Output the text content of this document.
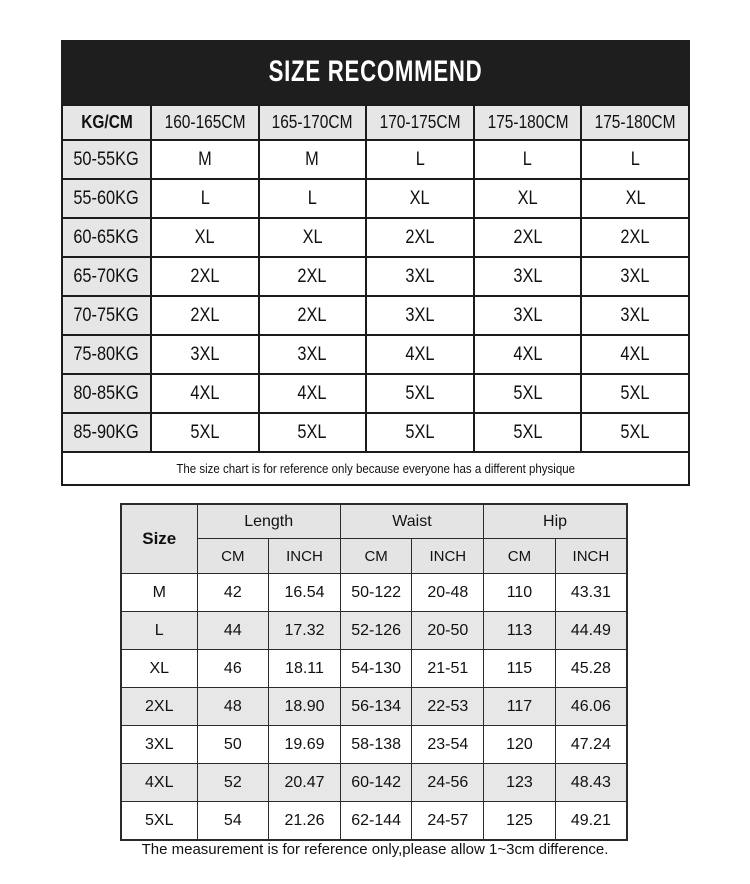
SIZE RECOMMEND
KG/CM	160-165CM	165-170CM	170-175CM	175-180CM	175-180CM
50-55KG	M	M	L	L	L
55-60KG	L	L	XL	XL	XL
60-65KG	XL	XL	2XL	2XL	2XL
65-70KG	2XL	2XL	3XL	3XL	3XL
70-75KG	2XL	2XL	3XL	3XL	3XL
75-80KG	3XL	3XL	4XL	4XL	4XL
80-85KG	4XL	4XL	5XL	5XL	5XL
85-90KG	5XL	5XL	5XL	5XL	5XL
The size chart is for reference only because everyone has a different physique					
Size	Length		Waist		Hip	
	CM	INCH	CM	INCH	CM	INCH
M	42	16.54	50-122	20-48	110	43.31
L	44	17.32	52-126	20-50	113	44.49
XL	46	18.11	54-130	21-51	115	45.28
2XL	48	18.90	56-134	22-53	117	46.06
3XL	50	19.69	58-138	23-54	120	47.24
4XL	52	20.47	60-142	24-56	123	48.43
5XL	54	21.26	62-144	24-57	125	49.21
The measurement is for reference only,please allow 1~3cm difference.
